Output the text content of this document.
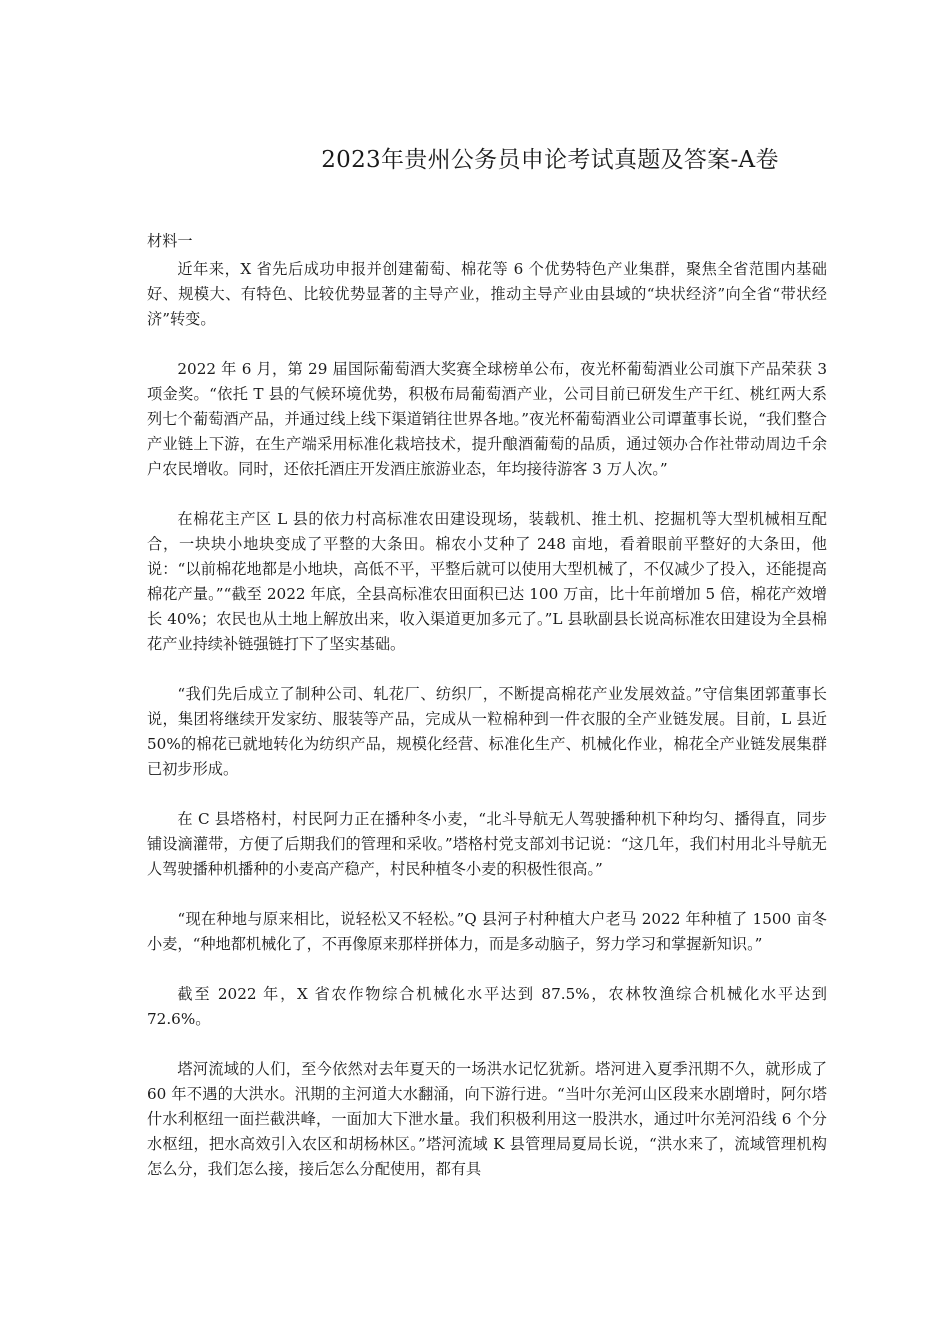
2023年贵州公务员申论考试真题及答案-A卷
材料一

近年来，X 省先后成功申报并创建葡萄、棉花等 6 个优势特色产业集群，聚焦全省范围内基础好、规模大、有特色、比较优势显著的主导产业，推动主导产业由县域的“块状经济”向全省“带状经济”转变。

2022 年 6 月，第 29 届国际葡萄酒大奖赛全球榜单公布，夜光杯葡萄酒业公司旗下产品荣获 3 项金奖。“依托 T 县的气候环境优势，积极布局葡萄酒产业，公司目前已研发生产干红、桃红两大系列七个葡萄酒产品，并通过线上线下渠道销往世界各地。”夜光杯葡萄酒业公司谭董事长说，“我们整合产业链上下游，在生产端采用标准化栽培技术，提升酿酒葡萄的品质，通过领办合作社带动周边千余户农民增收。同时，还依托酒庄开发酒庄旅游业态，年均接待游客 3 万人次。”

在棉花主产区 L 县的依力村高标准农田建设现场，装载机、推土机、挖掘机等大型机械相互配合，一块块小地块变成了平整的大条田。棉农小艾种了 248 亩地，看着眼前平整好的大条田，他说：“以前棉花地都是小地块，高低不平，平整后就可以使用大型机械了，不仅减少了投入，还能提高棉花产量。”“截至 2022 年底，全县高标准农田面积已达 100 万亩，比十年前增加 5 倍，棉花产效增长 40%；农民也从土地上解放出来，收入渠道更加多元了。”L 县耿副县长说高标准农田建设为全县棉花产业持续补链强链打下了坚实基础。

“我们先后成立了制种公司、轧花厂、纺织厂，不断提高棉花产业发展效益。”守信集团郭董事长说，集团将继续开发家纺、服装等产品，完成从一粒棉种到一件衣服的全产业链发展。目前，L 县近 50%的棉花已就地转化为纺织产品，规模化经营、标准化生产、机械化作业，棉花全产业链发展集群已初步形成。

在 C 县塔格村，村民阿力正在播种冬小麦，“北斗导航无人驾驶播种机下种均匀、播得直，同步铺设滴灌带，方便了后期我们的管理和采收。”塔格村党支部刘书记说：“这几年，我们村用北斗导航无人驾驶播种机播种的小麦高产稳产，村民种植冬小麦的积极性很高。”

“现在种地与原来相比，说轻松又不轻松。”Q 县河子村种植大户老马 2022 年种植了 1500 亩冬小麦，“种地都机械化了，不再像原来那样拼体力，而是多动脑子，努力学习和掌握新知识。”

截至 2022 年，X 省农作物综合机械化水平达到 87.5%，农林牧渔综合机械化水平达到 72.6%。

塔河流域的人们，至今依然对去年夏天的一场洪水记忆犹新。塔河进入夏季汛期不久，就形成了 60 年不遇的大洪水。汛期的主河道大水翻涌，向下游行进。“当叶尔羌河山区段来水剧增时，阿尔塔什水利枢纽一面拦截洪峰，一面加大下泄水量。我们积极利用这一股洪水，通过叶尔羌河沿线 6 个分水枢纽，把水高效引入农区和胡杨林区。”塔河流域 K 县管理局夏局长说，“洪水来了，流域管理机构怎么分，我们怎么接，接后怎么分配使用，都有具
